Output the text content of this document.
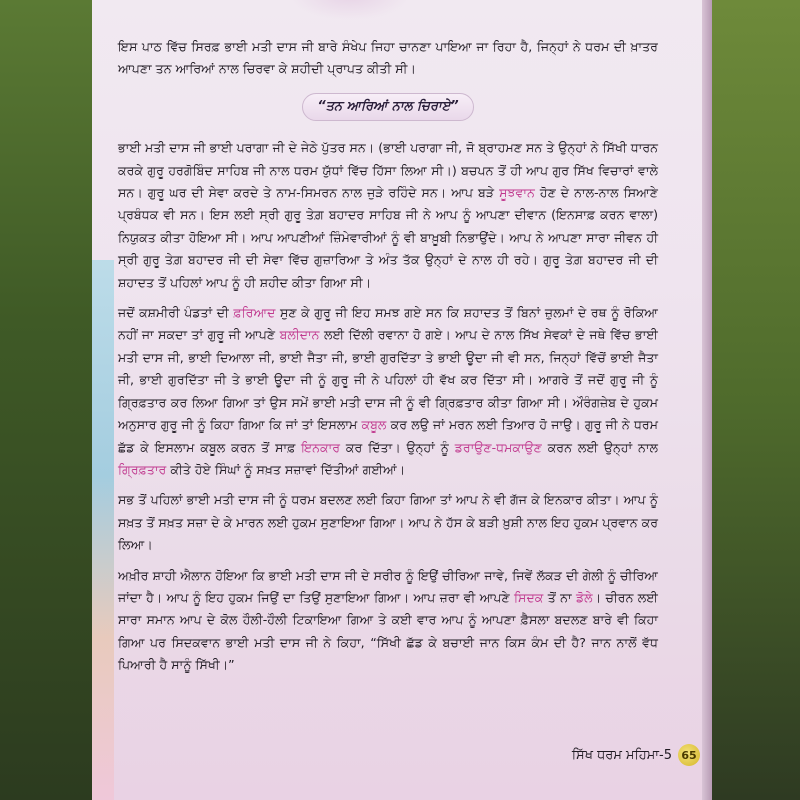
ਇਸ ਪਾਠ ਵਿੱਚ ਸਿਰਫ਼ ਭਾਈ ਮਤੀ ਦਾਸ ਜੀ ਬਾਰੇ ਸੰਖੇਪ ਜਿਹਾ ਚਾਨਣਾ ਪਾਇਆ ਜਾ ਰਿਹਾ ਹੈ, ਜਿਨ੍ਹਾਂ ਨੇ ਧਰਮ ਦੀ ਖ਼ਾਤਰ ਆਪਣਾ ਤਨ ਆਰਿਆਂ ਨਾਲ ਚਿਰਵਾ ਕੇ ਸ਼ਹੀਦੀ ਪ੍ਰਾਪਤ ਕੀਤੀ ਸੀ।

“ਤਨ ਆਰਿਆਂ ਨਾਲ ਚਿਰਾਏ”

ਭਾਈ ਮਤੀ ਦਾਸ ਜੀ ਭਾਈ ਪਰਾਗਾ ਜੀ ਦੇ ਜੇਠੇ ਪੁੱਤਰ ਸਨ। (ਭਾਈ ਪਰਾਗਾ ਜੀ, ਜੋ ਬ੍ਰਾਹਮਣ ਸਨ ਤੇ ਉਨ੍ਹਾਂ ਨੇ ਸਿੱਖੀ ਧਾਰਨ ਕਰਕੇ ਗੁਰੂ ਹਰਗੋਬਿੰਦ ਸਾਹਿਬ ਜੀ ਨਾਲ ਧਰਮ ਯੁੱਧਾਂ ਵਿੱਚ ਹਿੱਸਾ ਲਿਆ ਸੀ।) ਬਚਪਨ ਤੋਂ ਹੀ ਆਪ ਗੁਰ ਸਿੱਖ ਵਿਚਾਰਾਂ ਵਾਲੇ ਸਨ। ਗੁਰੂ ਘਰ ਦੀ ਸੇਵਾ ਕਰਦੇ ਤੇ ਨਾਮ-ਸਿਮਰਨ ਨਾਲ ਜੁੜੇ ਰਹਿੰਦੇ ਸਨ। ਆਪ ਬੜੇ ਸੂਝਵਾਨ ਹੋਣ ਦੇ ਨਾਲ-ਨਾਲ ਸਿਆਣੇ ਪ੍ਰਬੰਧਕ ਵੀ ਸਨ। ਇਸ ਲਈ ਸ੍ਰੀ ਗੁਰੂ ਤੇਗ਼ ਬਹਾਦਰ ਸਾਹਿਬ ਜੀ ਨੇ ਆਪ ਨੂੰ ਆਪਣਾ ਦੀਵਾਨ (ਇਨਸਾਫ਼ ਕਰਨ ਵਾਲਾ) ਨਿਯੁਕਤ ਕੀਤਾ ਹੋਇਆ ਸੀ। ਆਪ ਆਪਣੀਆਂ ਜ਼ਿੰਮੇਵਾਰੀਆਂ ਨੂੰ ਵੀ ਬਾਖ਼ੂਬੀ ਨਿਭਾਉਂਦੇ। ਆਪ ਨੇ ਆਪਣਾ ਸਾਰਾ ਜੀਵਨ ਹੀ ਸ੍ਰੀ ਗੁਰੂ ਤੇਗ਼ ਬਹਾਦਰ ਜੀ ਦੀ ਸੇਵਾ ਵਿੱਚ ਗੁਜ਼ਾਰਿਆ ਤੇ ਅੰਤ ਤੱਕ ਉਨ੍ਹਾਂ ਦੇ ਨਾਲ ਹੀ ਰਹੇ। ਗੁਰੂ ਤੇਗ਼ ਬਹਾਦਰ ਜੀ ਦੀ ਸ਼ਹਾਦਤ ਤੋਂ ਪਹਿਲਾਂ ਆਪ ਨੂੰ ਹੀ ਸ਼ਹੀਦ ਕੀਤਾ ਗਿਆ ਸੀ।

ਜਦੋਂ ਕਸ਼ਮੀਰੀ ਪੰਡਤਾਂ ਦੀ ਫ਼ਰਿਆਦ ਸੁਣ ਕੇ ਗੁਰੂ ਜੀ ਇਹ ਸਮਝ ਗਏ ਸਨ ਕਿ ਸ਼ਹਾਦਤ ਤੋਂ ਬਿਨਾਂ ਜ਼ੁਲਮਾਂ ਦੇ ਰਥ ਨੂੰ ਰੋਕਿਆ ਨਹੀਂ ਜਾ ਸਕਦਾ ਤਾਂ ਗੁਰੂ ਜੀ ਆਪਣੇ ਬਲੀਦਾਨ ਲਈ ਦਿੱਲੀ ਰਵਾਨਾ ਹੋ ਗਏ। ਆਪ ਦੇ ਨਾਲ ਸਿੱਖ ਸੇਵਕਾਂ ਦੇ ਜਥੇ ਵਿੱਚ ਭਾਈ ਮਤੀ ਦਾਸ ਜੀ, ਭਾਈ ਦਿਆਲਾ ਜੀ, ਭਾਈ ਜੈਤਾ ਜੀ, ਭਾਈ ਗੁਰਦਿੱਤਾ ਤੇ ਭਾਈ ਊਦਾ ਜੀ ਵੀ ਸਨ, ਜਿਨ੍ਹਾਂ ਵਿੱਚੋਂ ਭਾਈ ਜੈਤਾ ਜੀ, ਭਾਈ ਗੁਰਦਿੱਤਾ ਜੀ ਤੇ ਭਾਈ ਊਦਾ ਜੀ ਨੂੰ ਗੁਰੂ ਜੀ ਨੇ ਪਹਿਲਾਂ ਹੀ ਵੱਖ ਕਰ ਦਿੱਤਾ ਸੀ। ਆਗਰੇ ਤੋਂ ਜਦੋਂ ਗੁਰੂ ਜੀ ਨੂੰ ਗ੍ਰਿਫ਼ਤਾਰ ਕਰ ਲਿਆ ਗਿਆ ਤਾਂ ਉਸ ਸਮੇਂ ਭਾਈ ਮਤੀ ਦਾਸ ਜੀ ਨੂੰ ਵੀ ਗ੍ਰਿਫ਼ਤਾਰ ਕੀਤਾ ਗਿਆ ਸੀ। ਔਰੰਗਜ਼ੇਬ ਦੇ ਹੁਕਮ ਅਨੁਸਾਰ ਗੁਰੂ ਜੀ ਨੂੰ ਕਿਹਾ ਗਿਆ ਕਿ ਜਾਂ ਤਾਂ ਇਸਲਾਮ ਕਬੂਲ ਕਰ ਲਉ ਜਾਂ ਮਰਨ ਲਈ ਤਿਆਰ ਹੋ ਜਾਉ। ਗੁਰੂ ਜੀ ਨੇ ਧਰਮ ਛੱਡ ਕੇ ਇਸਲਾਮ ਕਬੂਲ ਕਰਨ ਤੋਂ ਸਾਫ਼ ਇਨਕਾਰ ਕਰ ਦਿੱਤਾ। ਉਨ੍ਹਾਂ ਨੂੰ ਡਰਾਉਣ-ਧਮਕਾਉਣ ਕਰਨ ਲਈ ਉਨ੍ਹਾਂ ਨਾਲ ਗ੍ਰਿਫ਼ਤਾਰ ਕੀਤੇ ਹੋਏ ਸਿੰਘਾਂ ਨੂੰ ਸਖ਼ਤ ਸਜ਼ਾਵਾਂ ਦਿੱਤੀਆਂ ਗਈਆਂ।

ਸਭ ਤੋਂ ਪਹਿਲਾਂ ਭਾਈ ਮਤੀ ਦਾਸ ਜੀ ਨੂੰ ਧਰਮ ਬਦਲਣ ਲਈ ਕਿਹਾ ਗਿਆ ਤਾਂ ਆਪ ਨੇ ਵੀ ਗੱਜ ਕੇ ਇਨਕਾਰ ਕੀਤਾ। ਆਪ ਨੂੰ ਸਖ਼ਤ ਤੋਂ ਸਖ਼ਤ ਸਜ਼ਾ ਦੇ ਕੇ ਮਾਰਨ ਲਈ ਹੁਕਮ ਸੁਣਾਇਆ ਗਿਆ। ਆਪ ਨੇ ਹੱਸ ਕੇ ਬੜੀ ਖ਼ੁਸ਼ੀ ਨਾਲ ਇਹ ਹੁਕਮ ਪ੍ਰਵਾਨ ਕਰ ਲਿਆ।

ਅਖ਼ੀਰ ਸ਼ਾਹੀ ਐਲਾਨ ਹੋਇਆ ਕਿ ਭਾਈ ਮਤੀ ਦਾਸ ਜੀ ਦੇ ਸਰੀਰ ਨੂੰ ਇਉਂ ਚੀਰਿਆ ਜਾਵੇ, ਜਿਵੇਂ ਲੱਕੜ ਦੀ ਗੇਲੀ ਨੂੰ ਚੀਰਿਆ ਜਾਂਦਾ ਹੈ। ਆਪ ਨੂੰ ਇਹ ਹੁਕਮ ਜਿਉਂ ਦਾ ਤਿਉਂ ਸੁਣਾਇਆ ਗਿਆ। ਆਪ ਜ਼ਰਾ ਵੀ ਆਪਣੇ ਸਿਦਕ ਤੋਂ ਨਾ ਡੋਲੇ। ਚੀਰਨ ਲਈ ਸਾਰਾ ਸਮਾਨ ਆਪ ਦੇ ਕੋਲ ਹੌਲੀ-ਹੌਲੀ ਟਿਕਾਇਆ ਗਿਆ ਤੇ ਕਈ ਵਾਰ ਆਪ ਨੂੰ ਆਪਣਾ ਫ਼ੈਸਲਾ ਬਦਲਣ ਬਾਰੇ ਵੀ ਕਿਹਾ ਗਿਆ ਪਰ ਸਿਦਕਵਾਨ ਭਾਈ ਮਤੀ ਦਾਸ ਜੀ ਨੇ ਕਿਹਾ, “ਸਿੱਖੀ ਛੱਡ ਕੇ ਬਚਾਈ ਜਾਨ ਕਿਸ ਕੰਮ ਦੀ ਹੈ? ਜਾਨ ਨਾਲੋਂ ਵੱਧ ਪਿਆਰੀ ਹੈ ਸਾਨੂੰ ਸਿੱਖੀ।”

ਸਿੱਖ ਧਰਮ ਮਹਿਮਾ-5 65
